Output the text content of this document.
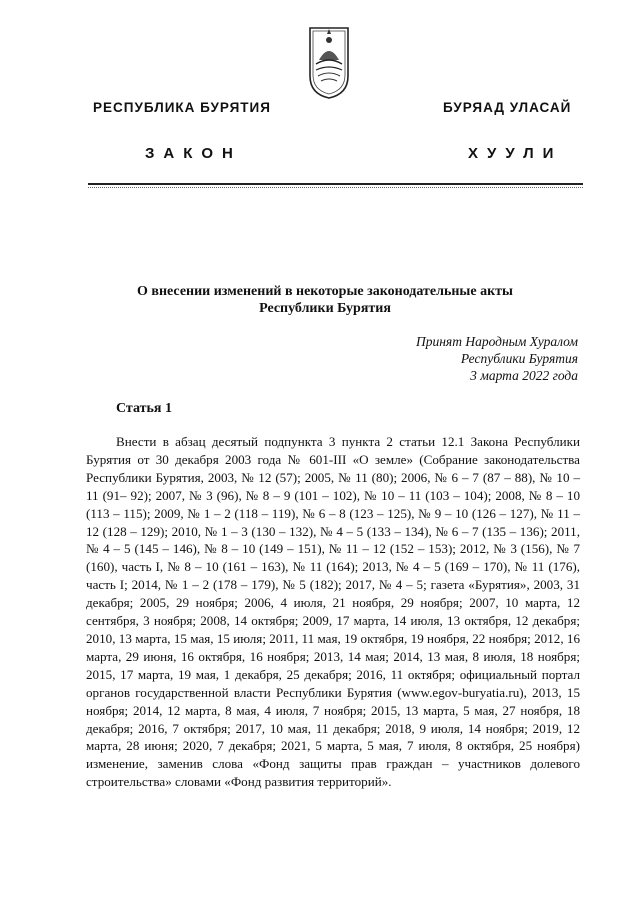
РЕСПУБЛИКА БУРЯТИЯ	БУРЯАД УЛАСАЙ
ЗАКОН	ХУУЛИ
О внесении изменений в некоторые законодательные акты
Республики Бурятия
Принят Народным Хуралом
Республики Бурятия
3 марта 2022 года
Статья 1

Внести в абзац десятый подпункта 3 пункта 2 статьи 12.1 Закона Республики Бурятия от 30 декабря 2003 года № 601-III «О земле» (Собрание законодательства Республики Бурятия, 2003, № 12 (57); 2005, № 11 (80); 2006, № 6 – 7 (87 – 88), № 10 – 11 (91– 92); 2007, № 3 (96), № 8 – 9 (101 – 102), № 10 – 11 (103 – 104); 2008, № 8 – 10 (113 – 115); 2009, № 1 – 2 (118 – 119), № 6 – 8 (123 – 125), № 9 – 10 (126 – 127), № 11 – 12 (128 – 129); 2010, № 1 – 3 (130 – 132), № 4 – 5 (133 – 134), № 6 – 7 (135 – 136); 2011, № 4 – 5 (145 – 146), № 8 – 10 (149 – 151), № 11 – 12 (152 – 153); 2012, № 3 (156), № 7 (160), часть I, № 8 – 10 (161 – 163), № 11 (164); 2013, № 4 – 5 (169 – 170), № 11 (176), часть I; 2014, № 1 – 2 (178 – 179), № 5 (182); 2017, № 4 – 5; газета «Бурятия», 2003, 31 декабря; 2005, 29 ноября; 2006, 4 июля, 21 ноября, 29 ноября; 2007, 10 марта, 12 сентября, 3 ноября; 2008, 14 октября; 2009, 17 марта, 14 июля, 13 октября, 12 декабря; 2010, 13 марта, 15 мая, 15 июля; 2011, 11 мая, 19 октября, 19 ноября, 22 ноября; 2012, 16 марта, 29 июня, 16 октября, 16 ноября; 2013, 14 мая; 2014, 13 мая, 8 июля, 18 ноября; 2015, 17 марта, 19 мая, 1 декабря, 25 декабря; 2016, 11 октября; официальный портал органов государственной власти Республики Бурятия (www.egov-buryatia.ru), 2013, 15 ноября; 2014, 12 марта, 8 мая, 4 июля, 7 ноября; 2015, 13 марта, 5 мая, 27 ноября, 18 декабря; 2016, 7 октября; 2017, 10 мая, 11 декабря; 2018, 9 июля, 14 ноября; 2019, 12 марта, 28 июня; 2020, 7 декабря; 2021, 5 марта, 5 мая, 7 июля, 8 октября, 25 ноября) изменение, заменив слова «Фонд защиты прав граждан – участников долевого строительства» словами «Фонд развития территорий».
